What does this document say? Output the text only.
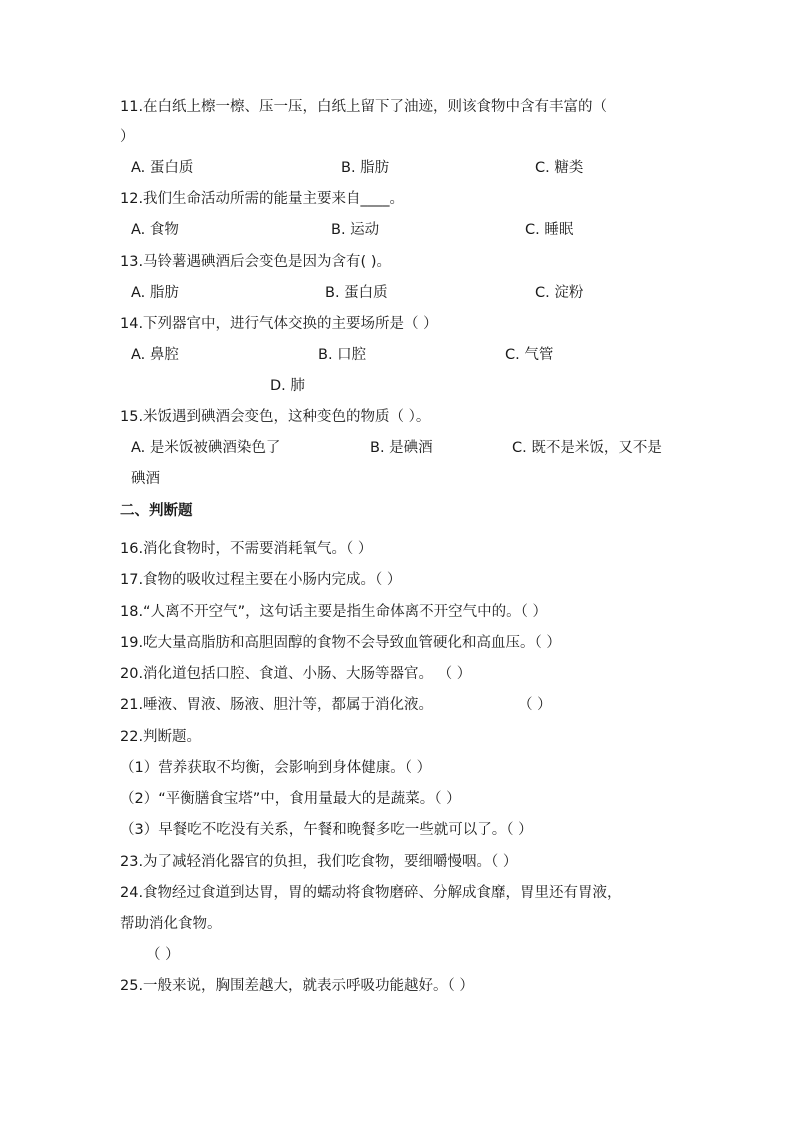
11.在白纸上檫一檫、压一压，白纸上留下了油迹，则该食物中含有丰富的（
）
A. 蛋白质	B. 脂肪	C. 糖类
12.我们生命活动所需的能量主要来自____。
A. 食物	B. 运动	C. 睡眠
13.马铃薯遇碘酒后会变色是因为含有( )。
A. 脂肪	B. 蛋白质	C. 淀粉
14.下列器官中，进行气体交换的主要场所是（ ）
A. 鼻腔	B. 口腔	C. 气管
D. 肺
15.米饭遇到碘酒会变色，这种变色的物质（ ）。
A. 是米饭被碘酒染色了	B. 是碘酒	C. 既不是米饭，又不是
碘酒
二、判断题
16.消化食物时，不需要消耗氧气。（ ）
17.食物的吸收过程主要在小肠内完成。（ ）
18.“人离不开空气”，这句话主要是指生命体离不开空气中的。（ ）
19.吃大量高脂肪和高胆固醇的食物不会导致血管硬化和高血压。（ ）
20.消化道包括口腔、食道、小肠、大肠等器官。 （ ）
21.唾液、胃液、肠液、胆汁等，都属于消化液。	（ ）
22.判断题。
（1）营养获取不均衡，会影响到身体健康。（ ）
（2）“平衡膳食宝塔”中，食用量最大的是蔬菜。（ ）
（3）早餐吃不吃没有关系，午餐和晚餐多吃一些就可以了。（ ）
23.为了减轻消化器官的负担，我们吃食物，要细嚼慢咽。（ ）
24.食物经过食道到达胃，胃的蠕动将食物磨碎、分解成食靡，胃里还有胃液，
帮助消化食物。
（ ）
25.一般来说，胸围差越大，就表示呼吸功能越好。（ ）
